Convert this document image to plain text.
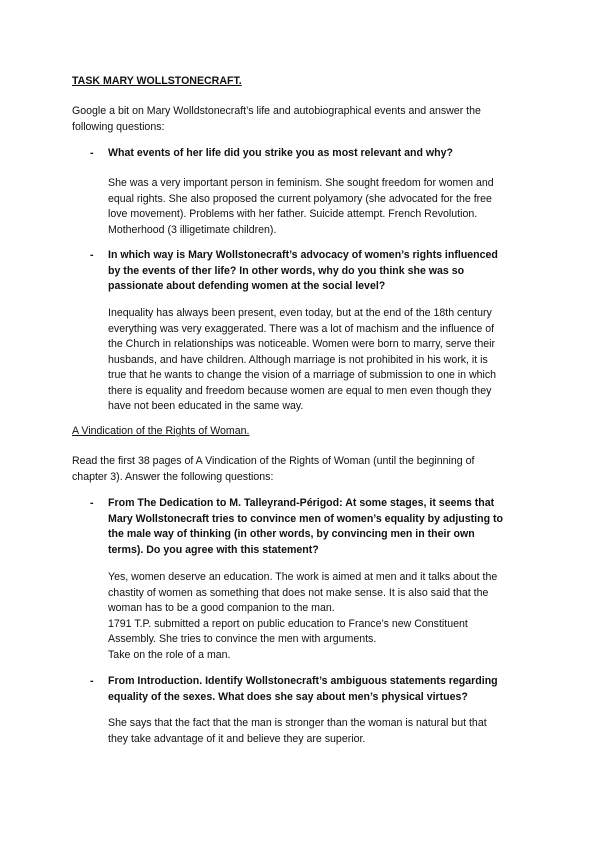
TASK MARY WOLLSTONECRAFT.

Google a bit on Mary Wolldstonecraft’s life and autobiographical events and answer the
following questions:

- What events of her life did you strike you as most relevant and why?

She was a very important person in feminism. She sought freedom for women and
equal rights. She also proposed the current polyamory (she advocated for the free
love movement). Problems with her father. Suicide attempt. French Revolution.
Motherhood (3 illigetimate children).

- In which way is Mary Wollstonecraft’s advocacy of women’s rights influenced
by the events of ther life? In other words, why do you think she was so
passionate about defending women at the social level?

Inequality has always been present, even today, but at the end of the 18th century
everything was very exaggerated. There was a lot of machism and the influence of
the Church in relationships was noticeable. Women were born to marry, serve their
husbands, and have children. Although marriage is not prohibited in his work, it is
true that he wants to change the vision of a marriage of submission to one in which
there is equality and freedom because women are equal to men even though they
have not been educated in the same way.

A Vindication of the Rights of Woman.

Read the first 38 pages of A Vindication of the Rights of Woman (until the beginning of
chapter 3). Answer the following questions:

- From The Dedication to M. Talleyrand-Périgod: At some stages, it seems that
Mary Wollstonecraft tries to convince men of women’s equality by adjusting to
the male way of thinking (in other words, by convincing men in their own
terms). Do you agree with this statement?

Yes, women deserve an education. The work is aimed at men and it talks about the
chastity of women as something that does not make sense. It is also said that the
woman has to be a good companion to the man.
1791 T.P. submitted a report on public education to France’s new Constituent
Assembly. She tries to convince the men with arguments.
Take on the role of a man.

- From Introduction. Identify Wollstonecraft’s ambiguous statements regarding
equality of the sexes. What does she say about men’s physical virtues?

She says that the fact that the man is stronger than the woman is natural but that
they take advantage of it and believe they are superior.
